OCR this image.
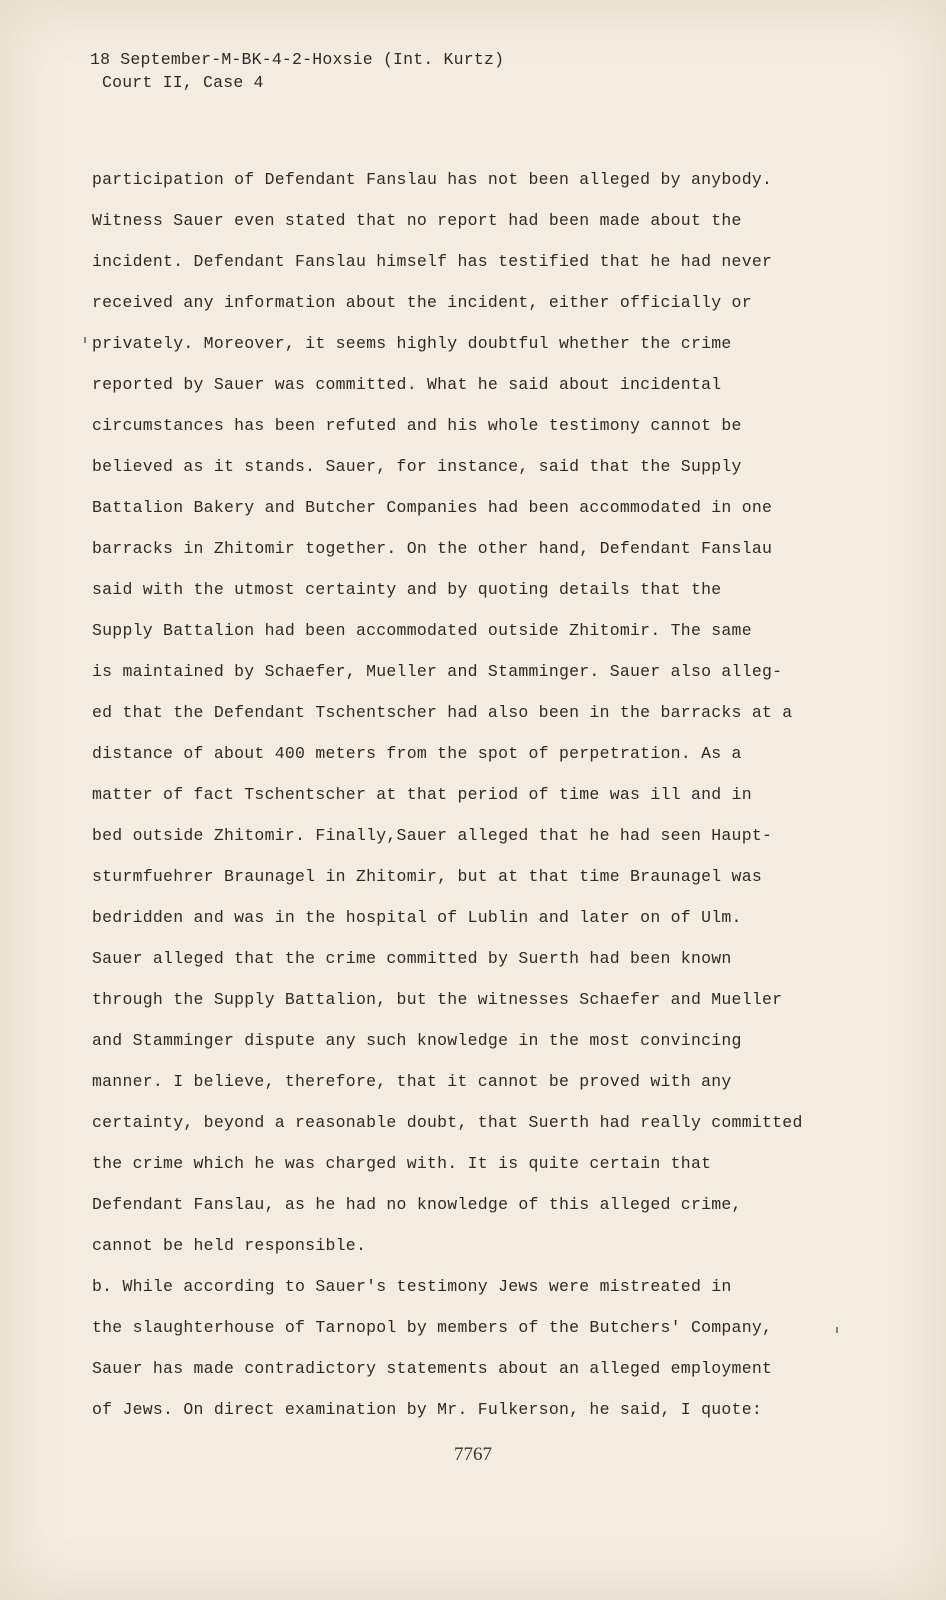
18 September-M-BK-4-2-Hoxsie (Int. Kurtz)
Court II, Case 4
participation of Defendant Fanslau has not been alleged by anybody.
Witness Sauer even stated that no report had been made about the
incident. Defendant Fanslau himself has testified that he had never
received any information about the incident, either officially or
privately. Moreover, it seems highly doubtful whether the crime
reported by Sauer was committed. What he said about incidental
circumstances has been refuted and his whole testimony cannot be
believed as it stands. Sauer, for instance, said that the Supply
Battalion Bakery and Butcher Companies had been accommodated in one
barracks in Zhitomir together. On the other hand, Defendant Fanslau
said with the utmost certainty and by quoting details that the
Supply Battalion had been accommodated outside Zhitomir. The same
is maintained by Schaefer, Mueller and Stamminger. Sauer also alleg-
ed that the Defendant Tschentscher had also been in the barracks at a
distance of about 400 meters from the spot of perpetration. As a
matter of fact Tschentscher at that period of time was ill and in
bed outside Zhitomir. Finally,Sauer alleged that he had seen Haupt-
sturmfuehrer Braunagel in Zhitomir, but at that time Braunagel was
bedridden and was in the hospital of Lublin and later on of Ulm.
Sauer alleged that the crime committed by Suerth had been known
through the Supply Battalion, but the witnesses Schaefer and Mueller
and Stamminger dispute any such knowledge in the most convincing
manner. I believe, therefore, that it cannot be proved with any
certainty, beyond a reasonable doubt, that Suerth had really committed
the crime which he was charged with. It is quite certain that
Defendant Fanslau, as he had no knowledge of this alleged crime,
cannot be held responsible.
b. While according to Sauer's testimony Jews were mistreated in
the slaughterhouse of Tarnopol by members of the Butchers' Company,
Sauer has made contradictory statements about an alleged employment
of Jews. On direct examination by Mr. Fulkerson, he said, I quote:
7767
